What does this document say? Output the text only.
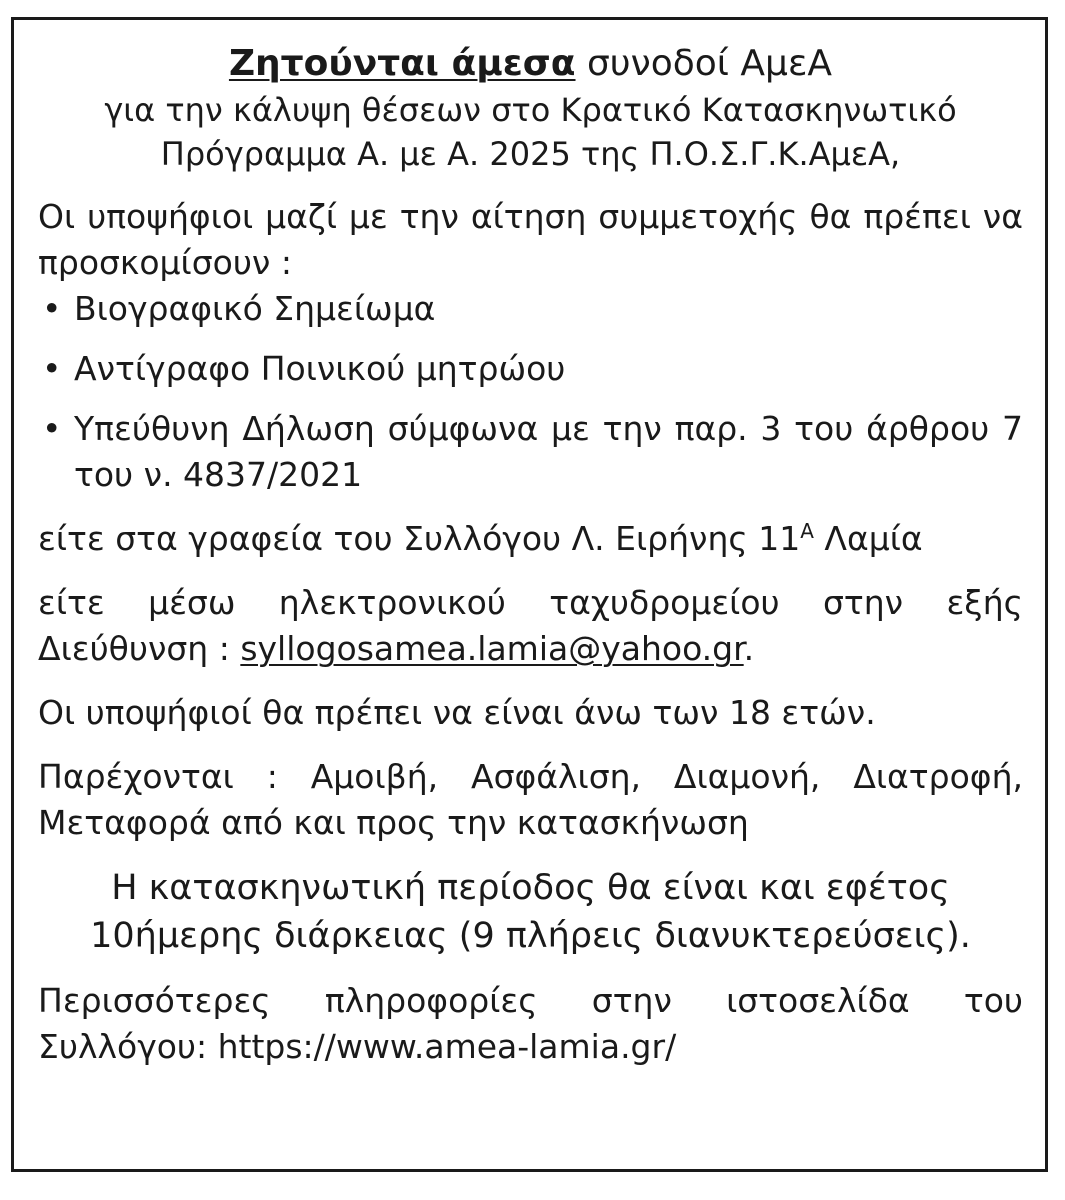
Ζητούνται άμεσα συνοδοί ΑμεΑ

για την κάλυψη θέσεων στο Κρατικό Κατασκηνωτικό

Πρόγραμμα Α. με Α. 2025 της Π.Ο.Σ.Γ.Κ.ΑμεΑ,

Οι υποψήφιοι μαζί με την αίτηση συμμετοχής θα πρέπει να προσκομίσουν :

• Βιογραφικό Σημείωμα
• Αντίγραφο Ποινικού μητρώου
• Υπεύθυνη Δήλωση σύμφωνα με την παρ. 3 του άρθρου 7 του ν. 4837/2021

είτε στα γραφεία του Συλλόγου Λ. Ειρήνης $11^A$ Λαμία

είτε μέσω ηλεκτρονικού ταχυδρομείου στην εξής Διεύθυνση : syllogosamea.lamia@yahoo.gr.

Οι υποψήφιοί θα πρέπει να είναι άνω των 18 ετών.

Παρέχονται : Αμοιβή, Ασφάλιση, Διαμονή, Διατροφή, Μεταφορά από και προς την κατασκήνωση

Η κατασκηνωτική περίοδος θα είναι και εφέτος
10ήμερης διάρκειας (9 πλήρεις διανυκτερεύσεις).

Περισσότερες πληροφορίες στην ιστοσελίδα του Συλλόγου: https://www.amea-lamia.gr/
